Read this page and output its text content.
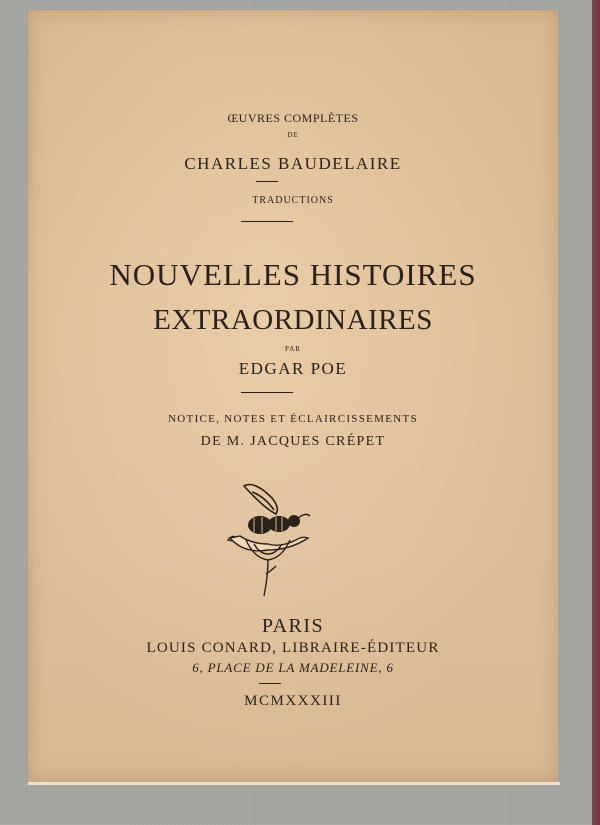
ŒUVRES COMPLÈTES
DE
CHARLES BAUDELAIRE
TRADUCTIONS
NOUVELLES HISTOIRES
EXTRAORDINAIRES
PAR
EDGAR POE
NOTICE, NOTES ET ÉCLAIRCISSEMENTS
DE M. JACQUES CRÉPET
PARIS
LOUIS CONARD, LIBRAIRE-ÉDITEUR
6, PLACE DE LA MADELEINE, 6
MCMXXXIII
